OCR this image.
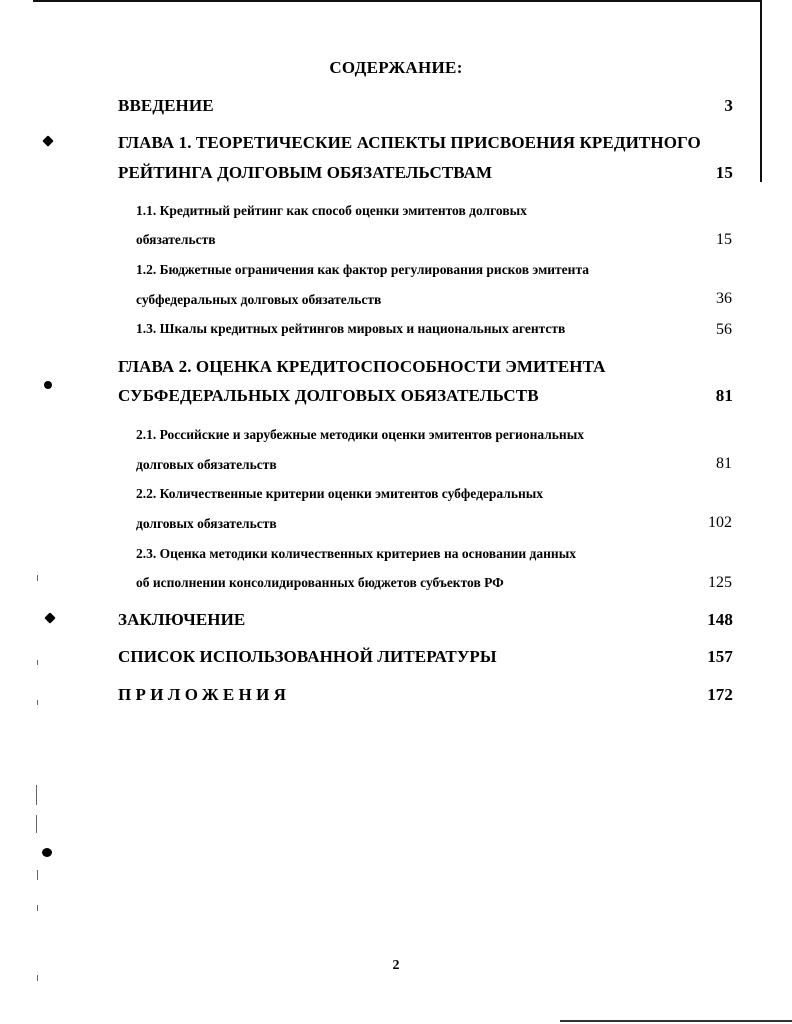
СОДЕРЖАНИЕ:
ВВЕДЕНИЕ	3
ГЛАВА 1. ТЕОРЕТИЧЕСКИЕ АСПЕКТЫ ПРИСВОЕНИЯ КРЕДИТНОГО
РЕЙТИНГА ДОЛГОВЫМ ОБЯЗАТЕЛЬСТВАМ	15
1.1. Кредитный рейтинг как способ оценки эмитентов долговых
обязательств	15
1.2. Бюджетные ограничения как фактор регулирования рисков эмитента
субфедеральных долговых обязательств	36
1.3. Шкалы кредитных рейтингов мировых и национальных агентств	56
ГЛАВА 2. ОЦЕНКА КРЕДИТОСПОСОБНОСТИ ЭМИТЕНТА
СУБФЕДЕРАЛЬНЫХ ДОЛГОВЫХ ОБЯЗАТЕЛЬСТВ	81
2.1. Российские и зарубежные методики оценки эмитентов региональных
долговых обязательств	81
2.2. Количественные критерии оценки эмитентов субфедеральных
долговых обязательств	102
2.3. Оценка методики количественных критериев на основании данных
об исполнении консолидированных бюджетов субъектов РФ	125
ЗАКЛЮЧЕНИЕ	148
СПИСОК ИСПОЛЬЗОВАННОЙ ЛИТЕРАТУРЫ	157
ПРИЛОЖЕНИЯ	172
2
